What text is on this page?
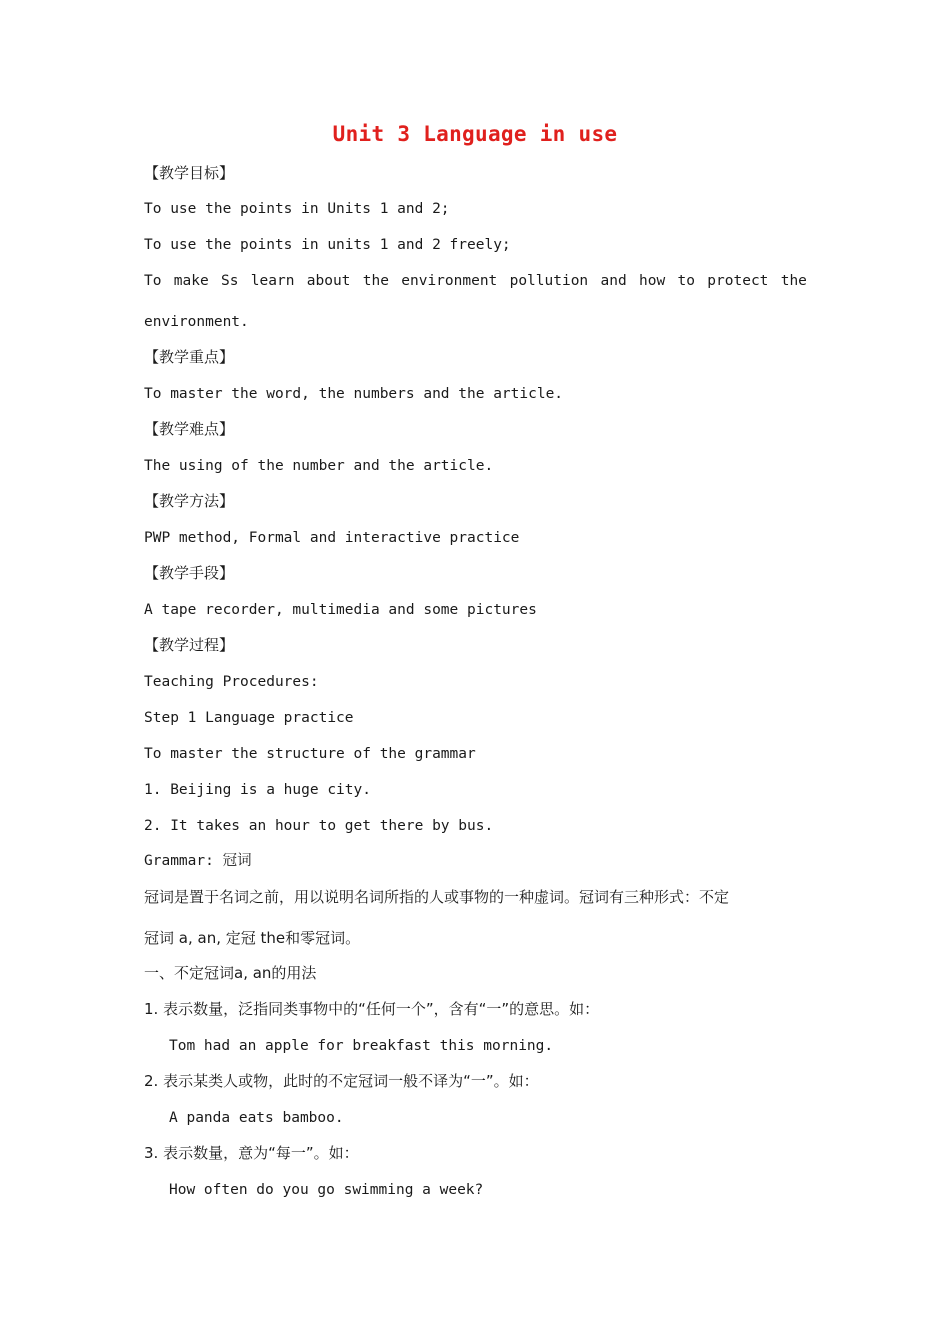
Unit 3 Language in use
【教学目标】
To use the points in Units 1 and 2;
To use the points in units 1 and 2 freely;
To make Ss learn about the environment pollution and how to protect the
environment.
【教学重点】
To master the word, the numbers and the article.
【教学难点】
The using of the number and the article.
【教学方法】
PWP method, Formal and interactive practice
【教学手段】
A tape recorder, multimedia and some pictures
【教学过程】
Teaching Procedures:
Step 1 Language practice
To master the structure of the grammar
1. Beijing is a huge city.
2. It takes an hour to get there by bus.
Grammar: 冠词
冠词是置于名词之前，用以说明名词所指的人或事物的一种虚词。冠词有三种形式：不定
冠词 a, an, 定冠 the和零冠词。
一、不定冠词a, an的用法
1. 表示数量，泛指同类事物中的“任何一个”，含有“一”的意思。如：
Tom had an apple for breakfast this morning.
2. 表示某类人或物，此时的不定冠词一般不译为“一”。如：
A panda eats bamboo.
3. 表示数量，意为“每一”。如：
How often do you go swimming a week?
